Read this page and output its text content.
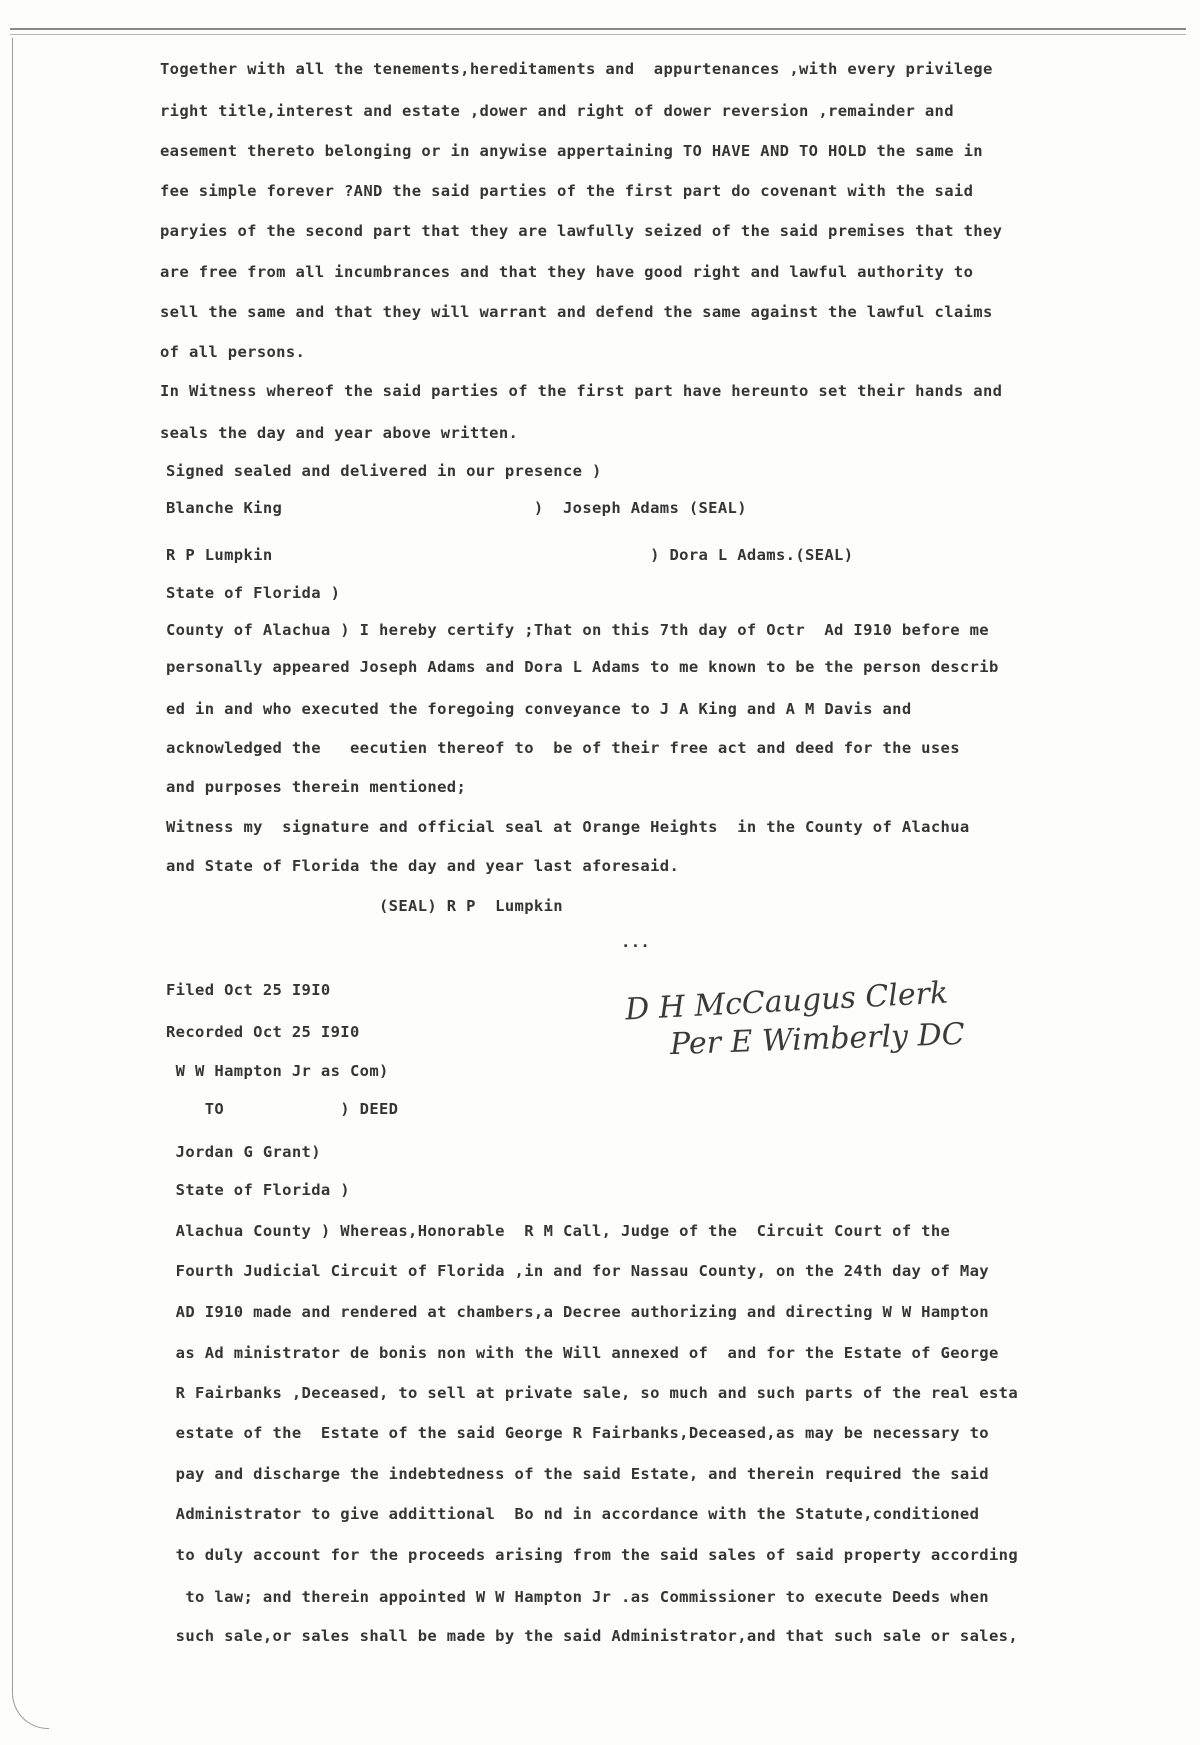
Together with all the tenements,hereditaments and  appurtenances ,with every privilege
right title,interest and estate ,dower and right of dower reversion ,remainder and
easement thereto belonging or in anywise appertaining TO HAVE AND TO HOLD the same in
fee simple forever ?AND the said parties of the first part do covenant with the said
paryies of the second part that they are lawfully seized of the said premises that they
are free from all incumbrances and that they have good right and lawful authority to
sell the same and that they will warrant and defend the same against the lawful claims
of all persons.
In Witness whereof the said parties of the first part have hereunto set their hands and
seals the day and year above written.
Signed sealed and delivered in our presence )
Blanche King                          )  Joseph Adams (SEAL)
R P Lumpkin                                       ) Dora L Adams.(SEAL)
State of Florida )
County of Alachua ) I hereby certify ;That on this 7th day of Octr  Ad I910 before me
personally appeared Joseph Adams and Dora L Adams to me known to be the person describ
ed in and who executed the foregoing conveyance to J A King and A M Davis and
acknowledged the   eecutien thereof to  be of their free act and deed for the uses
and purposes therein mentioned;
Witness my  signature and official seal at Orange Heights  in the County of Alachua
and State of Florida the day and year last aforesaid.
(SEAL) R P  Lumpkin
...
Filed Oct 25 I9I0
Recorded Oct 25 I9I0
W W Hampton Jr as Com)
TO            ) DEED
Jordan G Grant)
State of Florida )
Alachua County ) Whereas,Honorable  R M Call, Judge of the  Circuit Court of the
Fourth Judicial Circuit of Florida ,in and for Nassau County, on the 24th day of May
AD I910 made and rendered at chambers,a Decree authorizing and directing W W Hampton
as Ad ministrator de bonis non with the Will annexed of  and for the Estate of George
R Fairbanks ,Deceased, to sell at private sale, so much and such parts of the real esta
estate of the  Estate of the said George R Fairbanks,Deceased,as may be necessary to
pay and discharge the indebtedness of the said Estate, and therein required the said
Administrator to give addittional  Bo nd in accordance with the Statute,conditioned
to duly account for the proceeds arising from the said sales of said property according
to law; and therein appointed W W Hampton Jr .as Commissioner to execute Deeds when
such sale,or sales shall be made by the said Administrator,and that such sale or sales,
D H McCaugus Clerk
Per E Wimberly DC
